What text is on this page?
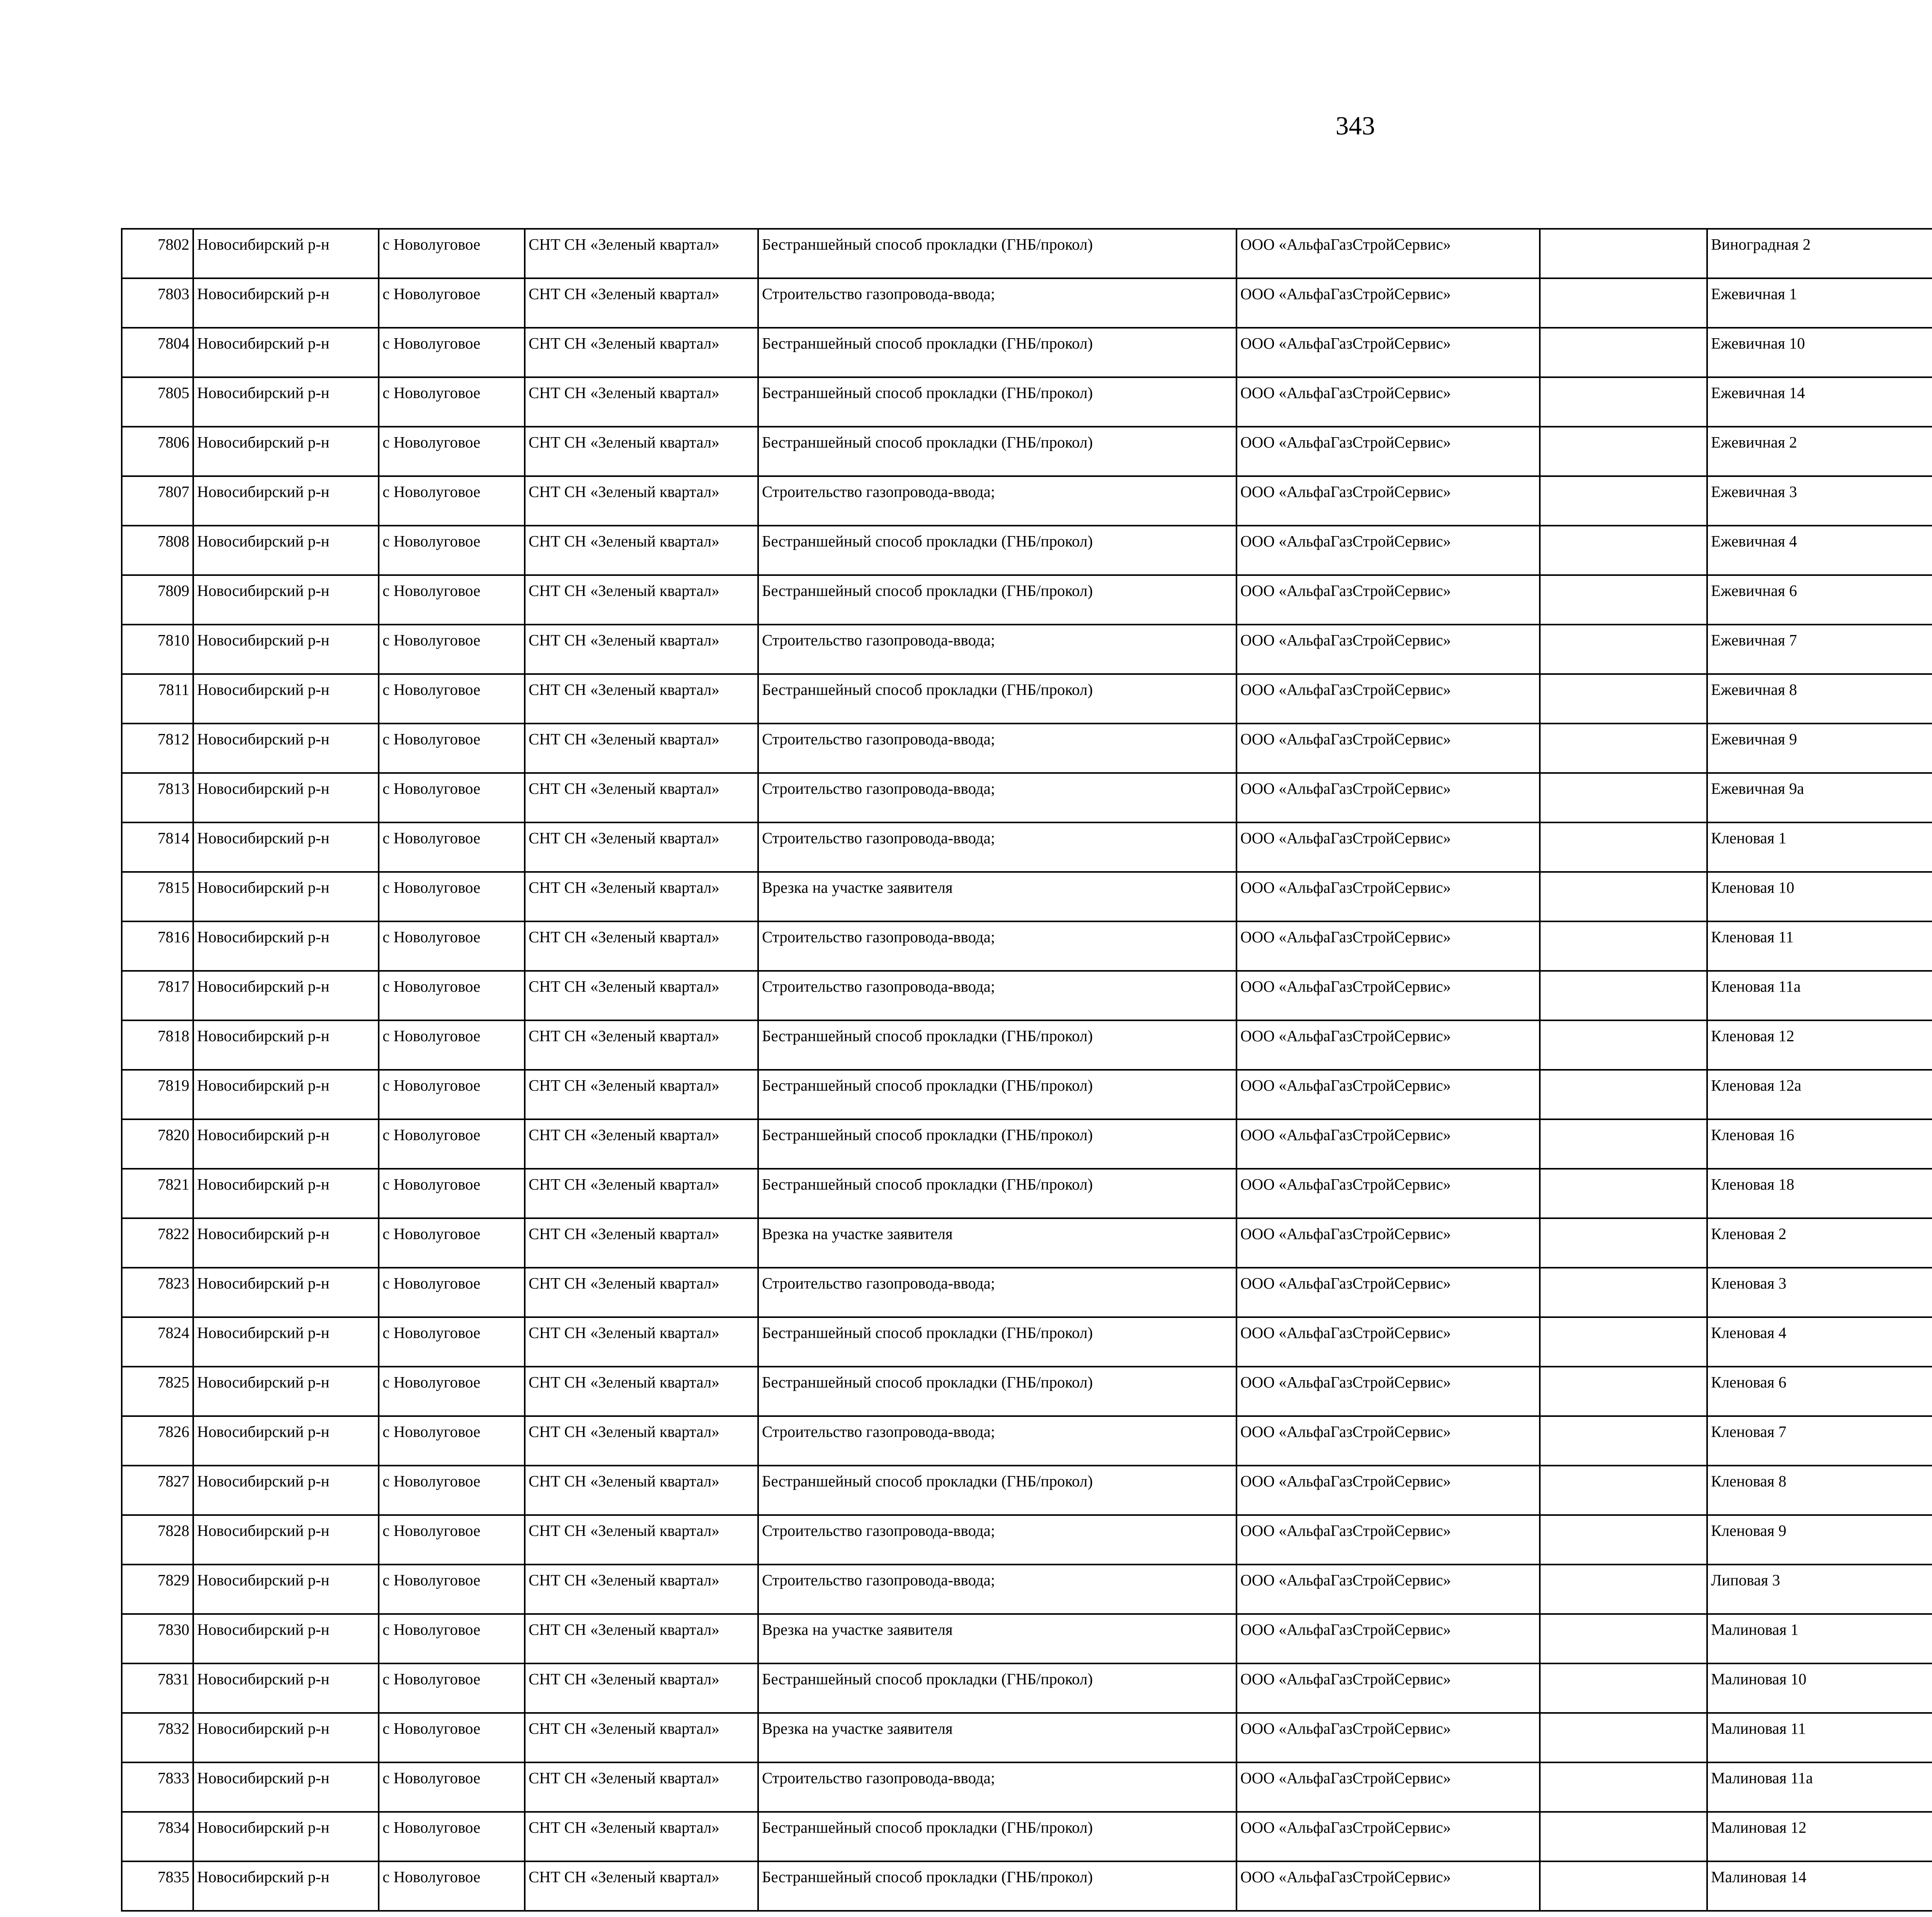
343
7802	Новосибирский р-н	с Новолуговое	СНТ СН «Зеленый квартал»	Бестраншейный способ прокладки (ГНБ/прокол)	ООО «АльфаГазСтройСервис»		Виноградная 2					
7803	Новосибирский р-н	с Новолуговое	СНТ СН «Зеленый квартал»	Строительство газопровода-ввода;	ООО «АльфаГазСтройСервис»		Ежевичная 1					
7804	Новосибирский р-н	с Новолуговое	СНТ СН «Зеленый квартал»	Бестраншейный способ прокладки (ГНБ/прокол)	ООО «АльфаГазСтройСервис»		Ежевичная 10					
7805	Новосибирский р-н	с Новолуговое	СНТ СН «Зеленый квартал»	Бестраншейный способ прокладки (ГНБ/прокол)	ООО «АльфаГазСтройСервис»		Ежевичная 14					
7806	Новосибирский р-н	с Новолуговое	СНТ СН «Зеленый квартал»	Бестраншейный способ прокладки (ГНБ/прокол)	ООО «АльфаГазСтройСервис»		Ежевичная 2					
7807	Новосибирский р-н	с Новолуговое	СНТ СН «Зеленый квартал»	Строительство газопровода-ввода;	ООО «АльфаГазСтройСервис»		Ежевичная 3					
7808	Новосибирский р-н	с Новолуговое	СНТ СН «Зеленый квартал»	Бестраншейный способ прокладки (ГНБ/прокол)	ООО «АльфаГазСтройСервис»		Ежевичная 4					
7809	Новосибирский р-н	с Новолуговое	СНТ СН «Зеленый квартал»	Бестраншейный способ прокладки (ГНБ/прокол)	ООО «АльфаГазСтройСервис»		Ежевичная 6					
7810	Новосибирский р-н	с Новолуговое	СНТ СН «Зеленый квартал»	Строительство газопровода-ввода;	ООО «АльфаГазСтройСервис»		Ежевичная 7					
7811	Новосибирский р-н	с Новолуговое	СНТ СН «Зеленый квартал»	Бестраншейный способ прокладки (ГНБ/прокол)	ООО «АльфаГазСтройСервис»		Ежевичная 8					
7812	Новосибирский р-н	с Новолуговое	СНТ СН «Зеленый квартал»	Строительство газопровода-ввода;	ООО «АльфаГазСтройСервис»		Ежевичная 9					
7813	Новосибирский р-н	с Новолуговое	СНТ СН «Зеленый квартал»	Строительство газопровода-ввода;	ООО «АльфаГазСтройСервис»		Ежевичная 9а					
7814	Новосибирский р-н	с Новолуговое	СНТ СН «Зеленый квартал»	Строительство газопровода-ввода;	ООО «АльфаГазСтройСервис»		Кленовая 1					
7815	Новосибирский р-н	с Новолуговое	СНТ СН «Зеленый квартал»	Врезка на участке заявителя	ООО «АльфаГазСтройСервис»		Кленовая 10					
7816	Новосибирский р-н	с Новолуговое	СНТ СН «Зеленый квартал»	Строительство газопровода-ввода;	ООО «АльфаГазСтройСервис»		Кленовая 11					
7817	Новосибирский р-н	с Новолуговое	СНТ СН «Зеленый квартал»	Строительство газопровода-ввода;	ООО «АльфаГазСтройСервис»		Кленовая 11а					
7818	Новосибирский р-н	с Новолуговое	СНТ СН «Зеленый квартал»	Бестраншейный способ прокладки (ГНБ/прокол)	ООО «АльфаГазСтройСервис»		Кленовая 12					
7819	Новосибирский р-н	с Новолуговое	СНТ СН «Зеленый квартал»	Бестраншейный способ прокладки (ГНБ/прокол)	ООО «АльфаГазСтройСервис»		Кленовая 12а					
7820	Новосибирский р-н	с Новолуговое	СНТ СН «Зеленый квартал»	Бестраншейный способ прокладки (ГНБ/прокол)	ООО «АльфаГазСтройСервис»		Кленовая 16					
7821	Новосибирский р-н	с Новолуговое	СНТ СН «Зеленый квартал»	Бестраншейный способ прокладки (ГНБ/прокол)	ООО «АльфаГазСтройСервис»		Кленовая 18					
7822	Новосибирский р-н	с Новолуговое	СНТ СН «Зеленый квартал»	Врезка на участке заявителя	ООО «АльфаГазСтройСервис»		Кленовая 2					
7823	Новосибирский р-н	с Новолуговое	СНТ СН «Зеленый квартал»	Строительство газопровода-ввода;	ООО «АльфаГазСтройСервис»		Кленовая 3					
7824	Новосибирский р-н	с Новолуговое	СНТ СН «Зеленый квартал»	Бестраншейный способ прокладки (ГНБ/прокол)	ООО «АльфаГазСтройСервис»		Кленовая 4					
7825	Новосибирский р-н	с Новолуговое	СНТ СН «Зеленый квартал»	Бестраншейный способ прокладки (ГНБ/прокол)	ООО «АльфаГазСтройСервис»		Кленовая 6					
7826	Новосибирский р-н	с Новолуговое	СНТ СН «Зеленый квартал»	Строительство газопровода-ввода;	ООО «АльфаГазСтройСервис»		Кленовая 7					
7827	Новосибирский р-н	с Новолуговое	СНТ СН «Зеленый квартал»	Бестраншейный способ прокладки (ГНБ/прокол)	ООО «АльфаГазСтройСервис»		Кленовая 8					
7828	Новосибирский р-н	с Новолуговое	СНТ СН «Зеленый квартал»	Строительство газопровода-ввода;	ООО «АльфаГазСтройСервис»		Кленовая 9					
7829	Новосибирский р-н	с Новолуговое	СНТ СН «Зеленый квартал»	Строительство газопровода-ввода;	ООО «АльфаГазСтройСервис»		Липовая 3					
7830	Новосибирский р-н	с Новолуговое	СНТ СН «Зеленый квартал»	Врезка на участке заявителя	ООО «АльфаГазСтройСервис»		Малиновая 1					
7831	Новосибирский р-н	с Новолуговое	СНТ СН «Зеленый квартал»	Бестраншейный способ прокладки (ГНБ/прокол)	ООО «АльфаГазСтройСервис»		Малиновая 10					
7832	Новосибирский р-н	с Новолуговое	СНТ СН «Зеленый квартал»	Врезка на участке заявителя	ООО «АльфаГазСтройСервис»		Малиновая 11					
7833	Новосибирский р-н	с Новолуговое	СНТ СН «Зеленый квартал»	Строительство газопровода-ввода;	ООО «АльфаГазСтройСервис»		Малиновая 11а					
7834	Новосибирский р-н	с Новолуговое	СНТ СН «Зеленый квартал»	Бестраншейный способ прокладки (ГНБ/прокол)	ООО «АльфаГазСтройСервис»		Малиновая 12					
7835	Новосибирский р-н	с Новолуговое	СНТ СН «Зеленый квартал»	Бестраншейный способ прокладки (ГНБ/прокол)	ООО «АльфаГазСтройСервис»		Малиновая 14					
